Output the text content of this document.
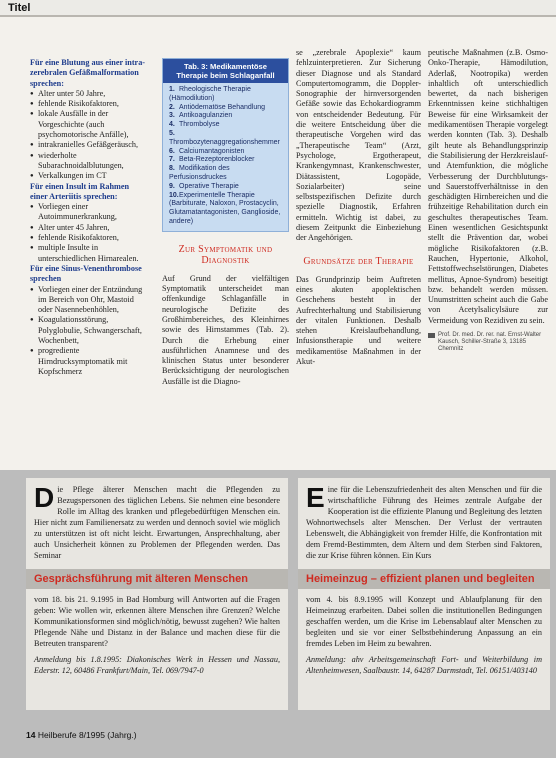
Titel
Für eine Blutung aus einer intra-zerebralen Gefäßmalformation sprechen:
● Alter unter 50 Jahre,
● fehlende Risikofaktoren,
● lokale Ausfälle in der Vorgeschichte (auch psychomotorische Anfälle),
● intrakranielles Gefäßgeräusch,
● wiederholte Subarachnoidalblutungen,
● Verkalkungen im CT
Für einen Insult im Rahmen einer Arteriitis sprechen:
● Vorliegen einer Autoimmunerkrankung,
● Alter unter 45 Jahren,
● fehlende Risikofaktoren,
● multiple Insulte in unterschiedlichen Hirnarealen.
Für eine Sinus-Venenthrombose sprechen
● Vorliegen einer der Entzündung im Bereich von Ohr, Mastoid oder Nasennebenhöhlen,
● Koagulationsstörung, Polyglobulie, Schwangerschaft, Wochenbett,
● progrediente Hirndrucksymptomatik mit Kopfschmerz
Tab. 3: Medikamentöse Therapie beim Schlaganfall
1. Rheologische Therapie (Hämodilution)
2. Antiödematöse Behandlung
3. Antikoagulanzien
4. Thrombolyse
5.Thrombozytenaggregationshemmer
6. Calciumantagonisten
7. Beta-Rezeptorenblocker
8. Modifikation des Perfusionsdruckes
9. Operative Therapie
10.Experimentelle Therapie (Barbiturate, Naloxon, Prostacyclin, Glutamatantagonisten, Ganglioside, andere)
Zur Symptomatik und Diagnostik
Auf Grund der vielfältigen Symptomatik unterscheidet man offenkundige Schlaganfälle in neurologische Defizite des Großhirnbereiches, des Kleinhirnes sowie des Hirnstammes (Tab. 2). Durch die Erhebung einer ausführlichen Anamnese und des klinischen Status unter besonderer Berücksichtigung der neurologischen Ausfälle ist die Diagno-
se „zerebrale Apoplexie“ kaum fehlzuinterpretieren. Zur Sicherung dieser Diagnose und als Standard Computertomogramm, die Doppler-Sonographie der hirnversorgenden Gefäße sowie das Echokardiogramm von entscheidender Bedeutung. Für die weitere Entscheidung über die therapeutische Vorgehen wird das „Therapeutische Team“ (Arzt, Psychologe, Ergotherapeut, Krankengymnast, Krankenschwester, Diätassistent, Logopäde, Sozialarbeiter) seine selbstspezifischen Defizite durch spezielle Diagnostik, Erfahren ermitteln. Wichtig ist dabei, zu diesem Zeitpunkt die Einbeziehung der Angehörigen.
Grundsätze der Therapie
Das Grundprinzip beim Auftreten eines akuten apoplektischen Geschehens besteht in der Aufrechterhaltung und Stabilisierung der vitalen Funktionen. Deshalb stehen Kreislaufbehandlung, Infusionstherapie und weitere medikamentöse Maßnahmen in der Akut-
peutische Maßnahmen (z.B. Osmo-Onko-Therapie, Hämodilution, Aderlaß, Nootropika) werden inhaltlich oft unterschiedlich bewertet, da nach bisherigen Erkenntnissen keine stichhaltigen Beweise für eine Wirksamkeit der medikamentösen Therapie vorgelegt werden konnten (Tab. 3). Deshalb gilt heute als Behandlungsprinzip die Stabilisierung der Herzkreislauf- und Atemfunktion, die mögliche Verbesserung der Durchblutungs- und Sauerstoffverhältnisse in den geschädigten Hirnbereichen und die frühzeitige Rehabilitation durch ein geschultes therapeutisches Team. Einen wesentlichen Gesichtspunkt stellt die Prävention dar, wobei mögliche Risikofaktoren (z.B. Rauchen, Hypertonie, Alkohol, Fettstoffwechselstörungen, Diabetes mellitus, Apnoe-Syndrom) beseitigt bzw. behandelt werden müssen. Unumstritten scheint auch die Gabe von Acetylsalicylsäure zur Vermeidung von Rezidiven zu sein.
Prof. Dr. med. Dr. rer. nat. Ernst-Walter Kausch, Schiller-Straße 3, 13185 Chemnitz
Die Pflege älterer Menschen macht die Pflegenden zu Bezugspersonen des täglichen Lebens. Sie nehmen eine besondere Rolle im Alltag des kranken und pflegebedürftigen Menschen ein. Hier nicht zum Familienersatz zu werden und dennoch soviel wie möglich zu unterstützen ist oft nicht leicht. Erwartungen, Ansprechhaltung, aber auch Unsicherheit können zu Problemen der Pflegenden werden. Das Seminar
Gesprächsführung mit älteren Menschen
vom 18. bis 21. 9.1995 in Bad Homburg will Antworten auf die Fragen geben: Wie wollen wir, erkennen ältere Menschen ihre Grenzen? Welche Kommunikationsformen sind möglich/nötig, bewusst zugehen? Wie halten Pflegende Nähe und Distanz in der Balance und machen diese für die Betreuten transparent?
Anmeldung bis 1.8.1995: Diakonisches Werk in Hessen und Nassau, Ederstr. 12, 60486 Frankfurt/Main, Tel. 069/7947-0
Eine für die Lebenszufriedenheit des alten Menschen und für die wirtschaftliche Führung des Heimes zentrale Aufgabe der Kooperation ist die effiziente Planung und Begleitung des letzten Wohnortwechsels alter Menschen. Der Verlust der vertrauten Lebenswelt, die Abhängigkeit von fremder Hilfe, die Konfrontation mit dem Fremd-Bestimmten, dem Altern und dem Sterben sind Faktoren, die zur Krise führen können. Ein Kurs
Heimeinzug – effizient planen und begleiten
vom 4. bis 8.9.1995 will Konzept und Ablaufplanung für den Heimeinzug erarbeiten. Dabei sollen die institutionellen Bedingungen geschaffen werden, um die Krise im Lebensablauf alter Menschen zu begleiten und sie vor einer Selbstbehinderung Anpassung an ein fremdes Leben im Heim zu bewahren.
Anmeldung: ahv Arbeitsgemeinschaft Fort- und Weiterbildung im Altenheimwesen, Saalbaustr. 14, 64287 Darmstadt, Tel. 06151/403140
14 Heilberufe 8/1995 (Jahrg.)
